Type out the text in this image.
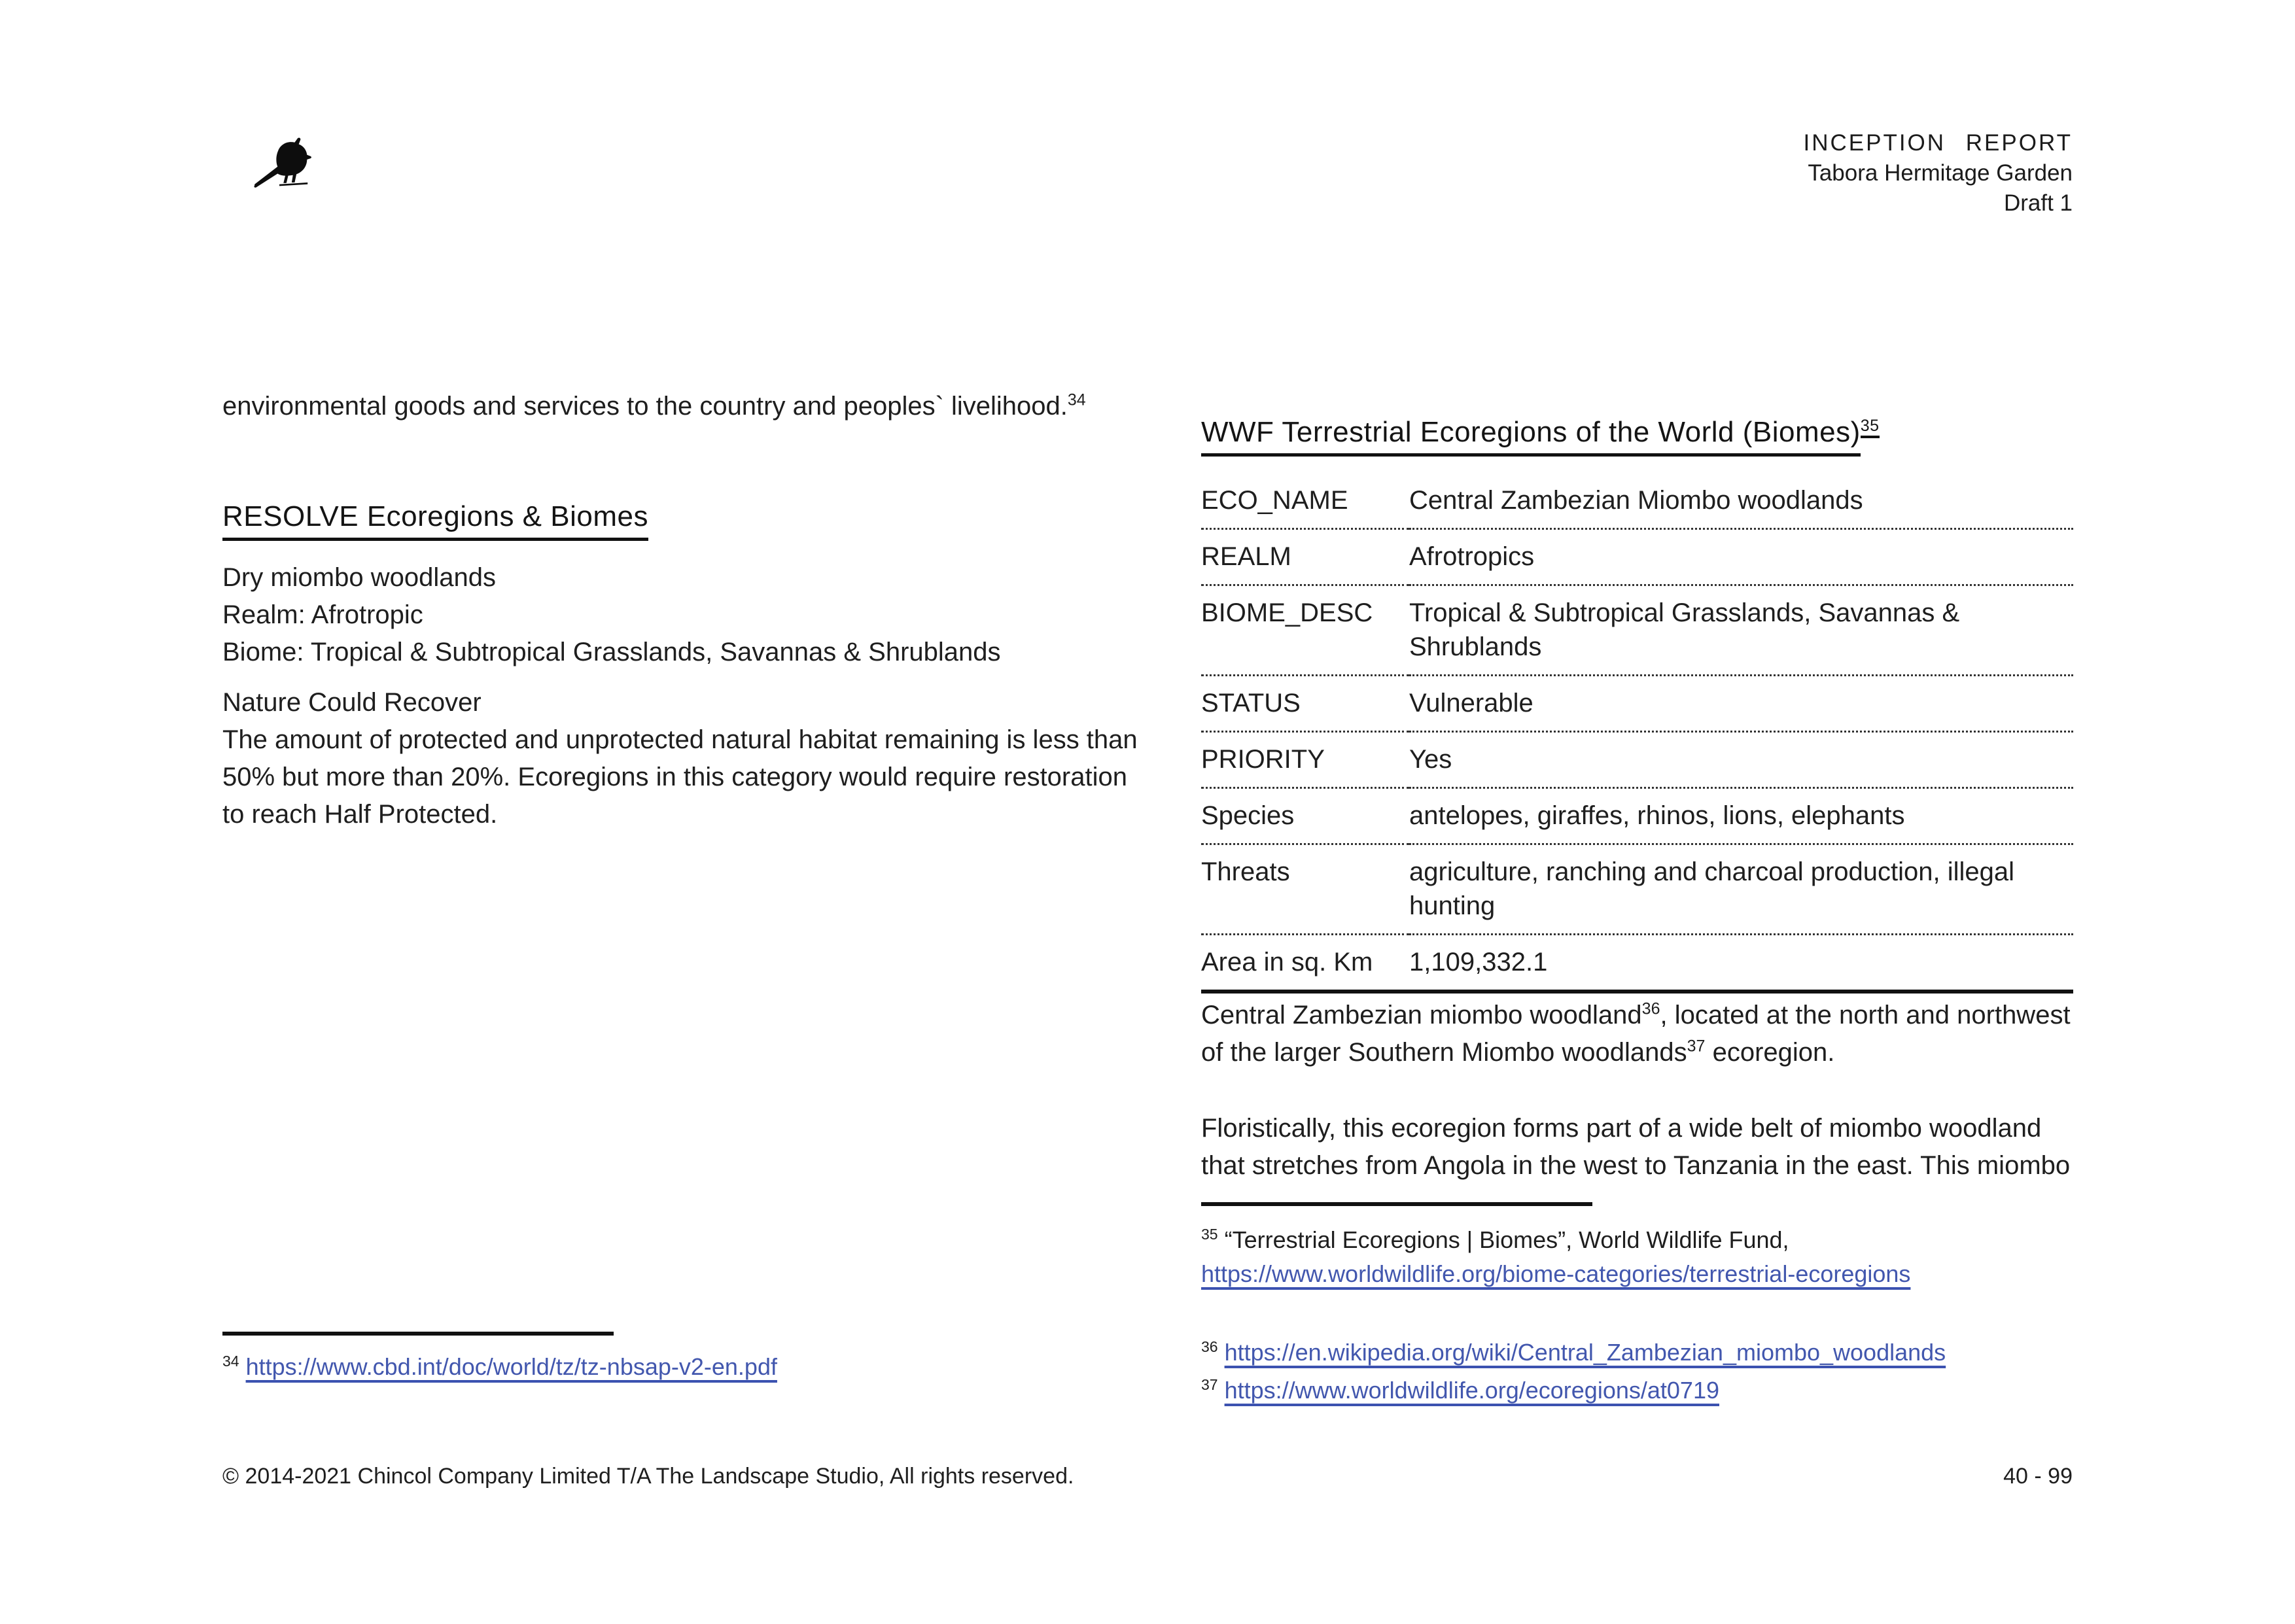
INCEPTION REPORT
Tabora Hermitage Garden
Draft 1
environmental goods and services to the country and peoples` livelihood.$^{34}$
RESOLVE Ecoregions & Biomes
Dry miombo woodlands
Realm: Afrotropic
Biome: Tropical & Subtropical Grasslands, Savannas & Shrublands
Nature Could Recover
The amount of protected and unprotected natural habitat remaining is less than 50% but more than 20%. Ecoregions in this category would require restoration to reach Half Protected.
$^{34}$ https://www.cbd.int/doc/world/tz/tz-nbsap-v2-en.pdf
WWF Terrestrial Ecoregions of the World (Biomes)$^{35}$
ECO_NAME	Central Zambezian Miombo woodlands
REALM	Afrotropics
BIOME_DESC	Tropical & Subtropical Grasslands, Savannas & Shrublands
STATUS	Vulnerable
PRIORITY	Yes
Species	antelopes, giraffes, rhinos, lions, elephants
Threats	agriculture, ranching and charcoal production, illegal hunting
Area in sq. Km	1,109,332.1
Central Zambezian miombo woodland$^{36}$, located at the north and northwest of the larger Southern Miombo woodlands$^{37}$ ecoregion.
Floristically, this ecoregion forms part of a wide belt of miombo woodland that stretches from Angola in the west to Tanzania in the east. This miombo
$^{35}$ “Terrestrial Ecoregions | Biomes”, World Wildlife Fund,
https://www.worldwildlife.org/biome-categories/terrestrial-ecoregions
$^{36}$ https://en.wikipedia.org/wiki/Central_Zambezian_miombo_woodlands
$^{37}$ https://www.worldwildlife.org/ecoregions/at0719
© 2014-2021 Chincol Company Limited T/A The Landscape Studio, All rights reserved.	40 - 99
